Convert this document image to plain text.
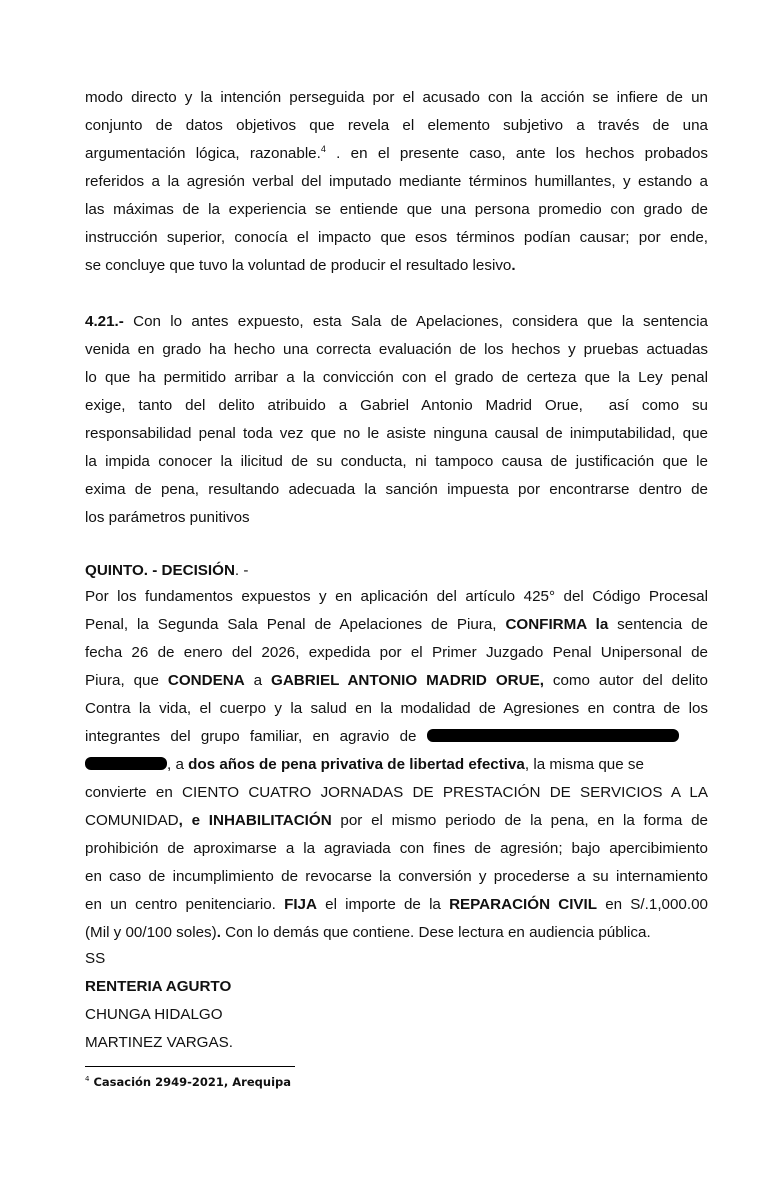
modo directo y la intención perseguida por el acusado con la acción se infiere de un
conjunto de datos objetivos que revela el elemento subjetivo a través de una
argumentación lógica, razonable.$^4$ . en el presente caso, ante los hechos probados
referidos a la agresión verbal del imputado mediante términos humillantes, y estando a
las máximas de la experiencia se entiende que una persona promedio con grado de
instrucción superior, conocía el impacto que esos términos podían causar; por ende,
se concluye que tuvo la voluntad de producir el resultado lesivo.
4.21.- Con lo antes expuesto, esta Sala de Apelaciones, considera que la sentencia
venida en grado ha hecho una correcta evaluación de los hechos y pruebas actuadas
lo que ha permitido arribar a la convicción con el grado de certeza que la Ley penal
exige, tanto del delito atribuido a Gabriel Antonio Madrid Orue,  así como su
responsabilidad penal toda vez que no le asiste ninguna causal de inimputabilidad, que
la impida conocer la ilicitud de su conducta, ni tampoco causa de justificación que le
exima de pena, resultando adecuada la sanción impuesta por encontrarse dentro de
los parámetros punitivos
QUINTO. - DECISIÓN. -
Por los fundamentos expuestos y en aplicación del artículo 425° del Código Procesal
Penal, la Segunda Sala Penal de Apelaciones de Piura, CONFIRMA la sentencia de
fecha 26 de enero del 2026, expedida por el Primer Juzgado Penal Unipersonal de
Piura, que CONDENA a GABRIEL ANTONIO MADRID ORUE, como autor del delito
Contra la vida, el cuerpo y la salud en la modalidad de Agresiones en contra de los
integrantes del grupo familiar, en agravio de
, a dos años de pena privativa de libertad efectiva, la misma que se
convierte en CIENTO CUATRO JORNADAS DE PRESTACIÓN DE SERVICIOS A LA
COMUNIDAD, e INHABILITACIÓN por el mismo periodo de la pena, en la forma de
prohibición de aproximarse a la agraviada con fines de agresión; bajo apercibimiento
en caso de incumplimiento de revocarse la conversión y procederse a su internamiento
en un centro penitenciario. FIJA el importe de la REPARACIÓN CIVIL en S/.1,000.00
(Mil y 00/100 soles). Con lo demás que contiene. Dese lectura en audiencia pública.
SS
RENTERIA AGURTO
CHUNGA HIDALGO
MARTINEZ VARGAS.
$^4$ Casación 2949-2021, Arequipa
